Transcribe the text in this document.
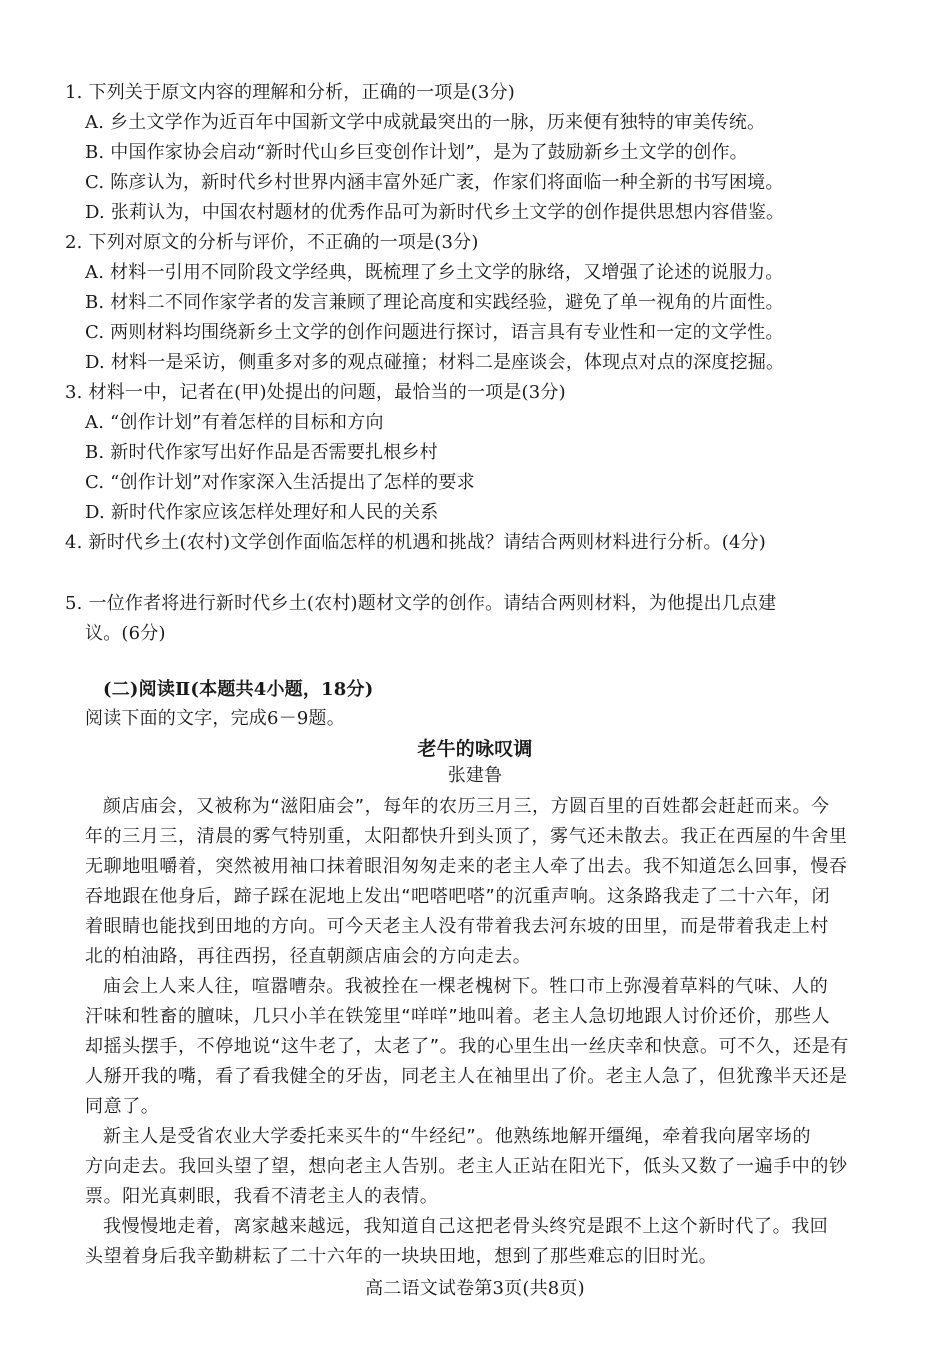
1. 下列关于原文内容的理解和分析，正确的一项是(3分)
A. 乡土文学作为近百年中国新文学中成就最突出的一脉，历来便有独特的审美传统。
B. 中国作家协会启动“新时代山乡巨变创作计划”，是为了鼓励新乡土文学的创作。
C. 陈彦认为，新时代乡村世界内涵丰富外延广袤，作家们将面临一种全新的书写困境。
D. 张莉认为，中国农村题材的优秀作品可为新时代乡土文学的创作提供思想内容借鉴。
2. 下列对原文的分析与评价，不正确的一项是(3分)
A. 材料一引用不同阶段文学经典，既梳理了乡土文学的脉络，又增强了论述的说服力。
B. 材料二不同作家学者的发言兼顾了理论高度和实践经验，避免了单一视角的片面性。
C. 两则材料均围绕新乡土文学的创作问题进行探讨，语言具有专业性和一定的文学性。
D. 材料一是采访，侧重多对多的观点碰撞；材料二是座谈会，体现点对点的深度挖掘。
3. 材料一中，记者在(甲)处提出的问题，最恰当的一项是(3分)
A. “创作计划”有着怎样的目标和方向
B. 新时代作家写出好作品是否需要扎根乡村
C. “创作计划”对作家深入生活提出了怎样的要求
D. 新时代作家应该怎样处理好和人民的关系
4. 新时代乡土(农村)文学创作面临怎样的机遇和挑战？请结合两则材料进行分析。(4分)
5. 一位作者将进行新时代乡土(农村)题材文学的创作。请结合两则材料，为他提出几点建
议。(6分)
(二)阅读Ⅱ(本题共4小题，18分)
阅读下面的文字，完成6－9题。
老牛的咏叹调
张建鲁
颜店庙会，又被称为“滋阳庙会”，每年的农历三月三，方圆百里的百姓都会赶赶而来。今
年的三月三，清晨的雾气特别重，太阳都快升到头顶了，雾气还未散去。我正在西屋的牛舍里
无聊地咀嚼着，突然被用袖口抹着眼泪匆匆走来的老主人牵了出去。我不知道怎么回事，慢吞
吞地跟在他身后，蹄子踩在泥地上发出“吧嗒吧嗒”的沉重声响。这条路我走了二十六年，闭
着眼睛也能找到田地的方向。可今天老主人没有带着我去河东坡的田里，而是带着我走上村
北的柏油路，再往西拐，径直朝颜店庙会的方向走去。
庙会上人来人往，喧嚣嘈杂。我被拴在一棵老槐树下。牲口市上弥漫着草料的气味、人的
汗味和牲畜的膻味，几只小羊在铁笼里“咩咩”地叫着。老主人急切地跟人讨价还价，那些人
却摇头摆手，不停地说“这牛老了，太老了”。我的心里生出一丝庆幸和快意。可不久，还是有
人掰开我的嘴，看了看我健全的牙齿，同老主人在袖里出了价。老主人急了，但犹豫半天还是
同意了。
新主人是受省农业大学委托来买牛的“牛经纪”。他熟练地解开缰绳，牵着我向屠宰场的
方向走去。我回头望了望，想向老主人告别。老主人正站在阳光下，低头又数了一遍手中的钞
票。阳光真刺眼，我看不清老主人的表情。
我慢慢地走着，离家越来越远，我知道自己这把老骨头终究是跟不上这个新时代了。我回
头望着身后我辛勤耕耘了二十六年的一块块田地，想到了那些难忘的旧时光。
高二语文试卷第3页(共8页)
